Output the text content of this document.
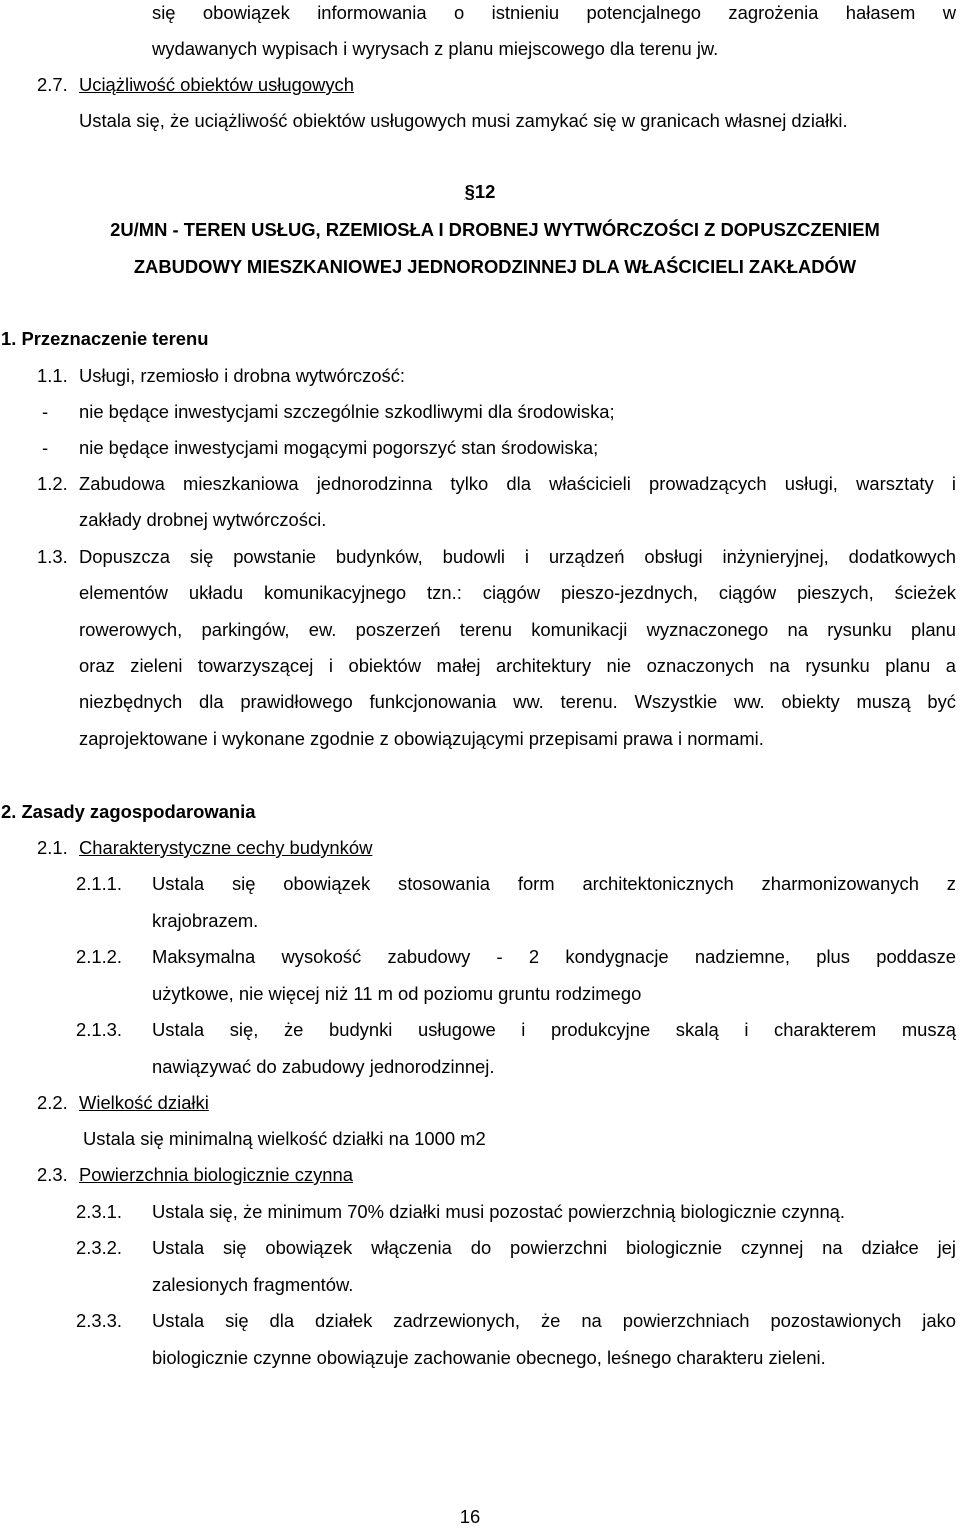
się obowiązek informowania o istnieniu potencjalnego zagrożenia hałasem w
wydawanych wypisach i wyrysach z planu miejscowego dla terenu jw.
2.7. Uciążliwość obiektów usługowych
Ustala się, że uciążliwość obiektów usługowych musi zamykać się w granicach własnej działki.
§12
2U/MN - TEREN USŁUG, RZEMIOSŁA I DROBNEJ WYTWÓRCZOŚCI Z DOPUSZCZENIEM
ZABUDOWY MIESZKANIOWEJ JEDNORODZINNEJ DLA WŁAŚCICIELI ZAKŁADÓW
1. Przeznaczenie terenu
1.1. Usługi, rzemiosło i drobna wytwórczość:
- nie będące inwestycjami szczególnie szkodliwymi dla środowiska;
- nie będące inwestycjami mogącymi pogorszyć stan środowiska;
1.2. Zabudowa mieszkaniowa jednorodzinna tylko dla właścicieli prowadzących usługi, warsztaty i
zakłady drobnej wytwórczości.
1.3. Dopuszcza się powstanie budynków, budowli i urządzeń obsługi inżynieryjnej, dodatkowych
elementów układu komunikacyjnego tzn.: ciągów pieszo-jezdnych, ciągów pieszych, ścieżek
rowerowych, parkingów, ew. poszerzeń terenu komunikacji wyznaczonego na rysunku planu
oraz zieleni towarzyszącej i obiektów małej architektury nie oznaczonych na rysunku planu a
niezbędnych dla prawidłowego funkcjonowania ww. terenu. Wszystkie ww. obiekty muszą być
zaprojektowane i wykonane zgodnie z obowiązującymi przepisami prawa i normami.
2. Zasady zagospodarowania
2.1. Charakterystyczne cechy budynków
2.1.1. Ustala się obowiązek stosowania form architektonicznych zharmonizowanych z
krajobrazem.
2.1.2. Maksymalna wysokość zabudowy - 2 kondygnacje nadziemne, plus poddasze
użytkowe, nie więcej niż 11 m od poziomu gruntu rodzimego
2.1.3. Ustala się, że budynki usługowe i produkcyjne skalą i charakterem muszą
nawiązywać do zabudowy jednorodzinnej.
2.2. Wielkość działki
Ustala się minimalną wielkość działki na 1000 m2
2.3. Powierzchnia biologicznie czynna
2.3.1. Ustala się, że minimum 70% działki musi pozostać powierzchnią biologicznie czynną.
2.3.2. Ustala się obowiązek włączenia do powierzchni biologicznie czynnej na działce jej
zalesionych fragmentów.
2.3.3. Ustala się dla działek zadrzewionych, że na powierzchniach pozostawionych jako
biologicznie czynne obowiązuje zachowanie obecnego, leśnego charakteru zieleni.
16
